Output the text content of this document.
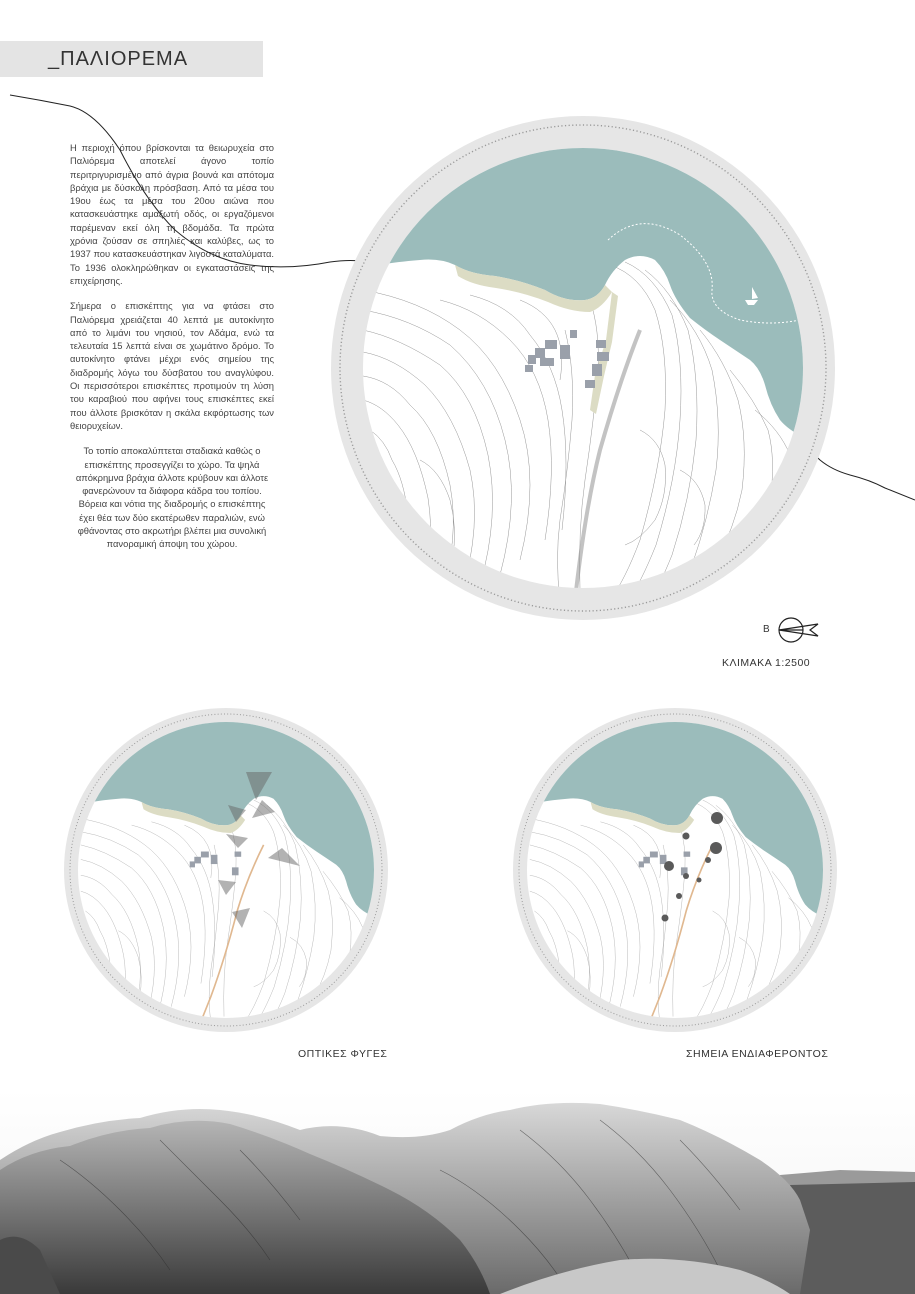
_ΠΑΛΙΟΡΕΜΑ

Η περιοχή όπου βρίσκονται τα θειωρυχεία στο Παλιόρεμα αποτελεί άγονο τοπίο περιτριγυρισμένο από άγρια βουνά και απότομα βράχια με δύσκολη πρόσβαση. Από τα μέσα του 19ου έως τα μέσα του 20ου αιώνα που κατασκευάστηκε αμαξωτή οδός, οι εργαζόμενοι παρέμεναν εκεί όλη τη βδομάδα. Τα πρώτα χρόνια ζούσαν σε σπηλιές και καλύβες, ως το 1937 που κατασκευάστηκαν λιγοστά καταλύματα. Το 1936 ολοκληρώθηκαν οι εγκαταστάσεις της επιχείρησης.

Σήμερα ο επισκέπτης για να φτάσει στο Παλιόρεμα χρειάζεται 40 λεπτά με αυτοκίνητο από το λιμάνι του νησιού, τον Αδάμα, ενώ τα τελευταία 15 λεπτά είναι σε χωμάτινο δρόμο. Το αυτοκίνητο φτάνει μέχρι ενός σημείου της διαδρομής λόγω του δύσβατου του αναγλύφου. Οι περισσότεροι επισκέπτες προτιμούν τη λύση του καραβιού που αφήνει τους επισκέπτες εκεί που άλλοτε βρισκόταν η σκάλα εκφόρτωσης των θειορυχείων.

Το τοπίο αποκαλύπτεται σταδιακά καθώς ο επισκέπτης προσεγγίζει το χώρο. Τα ψηλά απόκρημνα βράχια άλλοτε κρύβουν και άλλοτε φανερώνουν τα διάφορα κάδρα του τοπίου. Βόρεια και νότια της διαδρομής ο επισκέπτης έχει θέα των δύο εκατέρωθεν παραλιών, ενώ φθάνοντας στο ακρωτήρι βλέπει μια συνολική πανοραμική άποψη του χώρου.

Β
ΚΛΙΜΑΚΑ 1:2500
ΟΠΤΙΚΕΣ ΦΥΓΕΣ	ΣΗΜΕΙΑ ΕΝΔΙΑΦΕΡΟΝΤΟΣ
